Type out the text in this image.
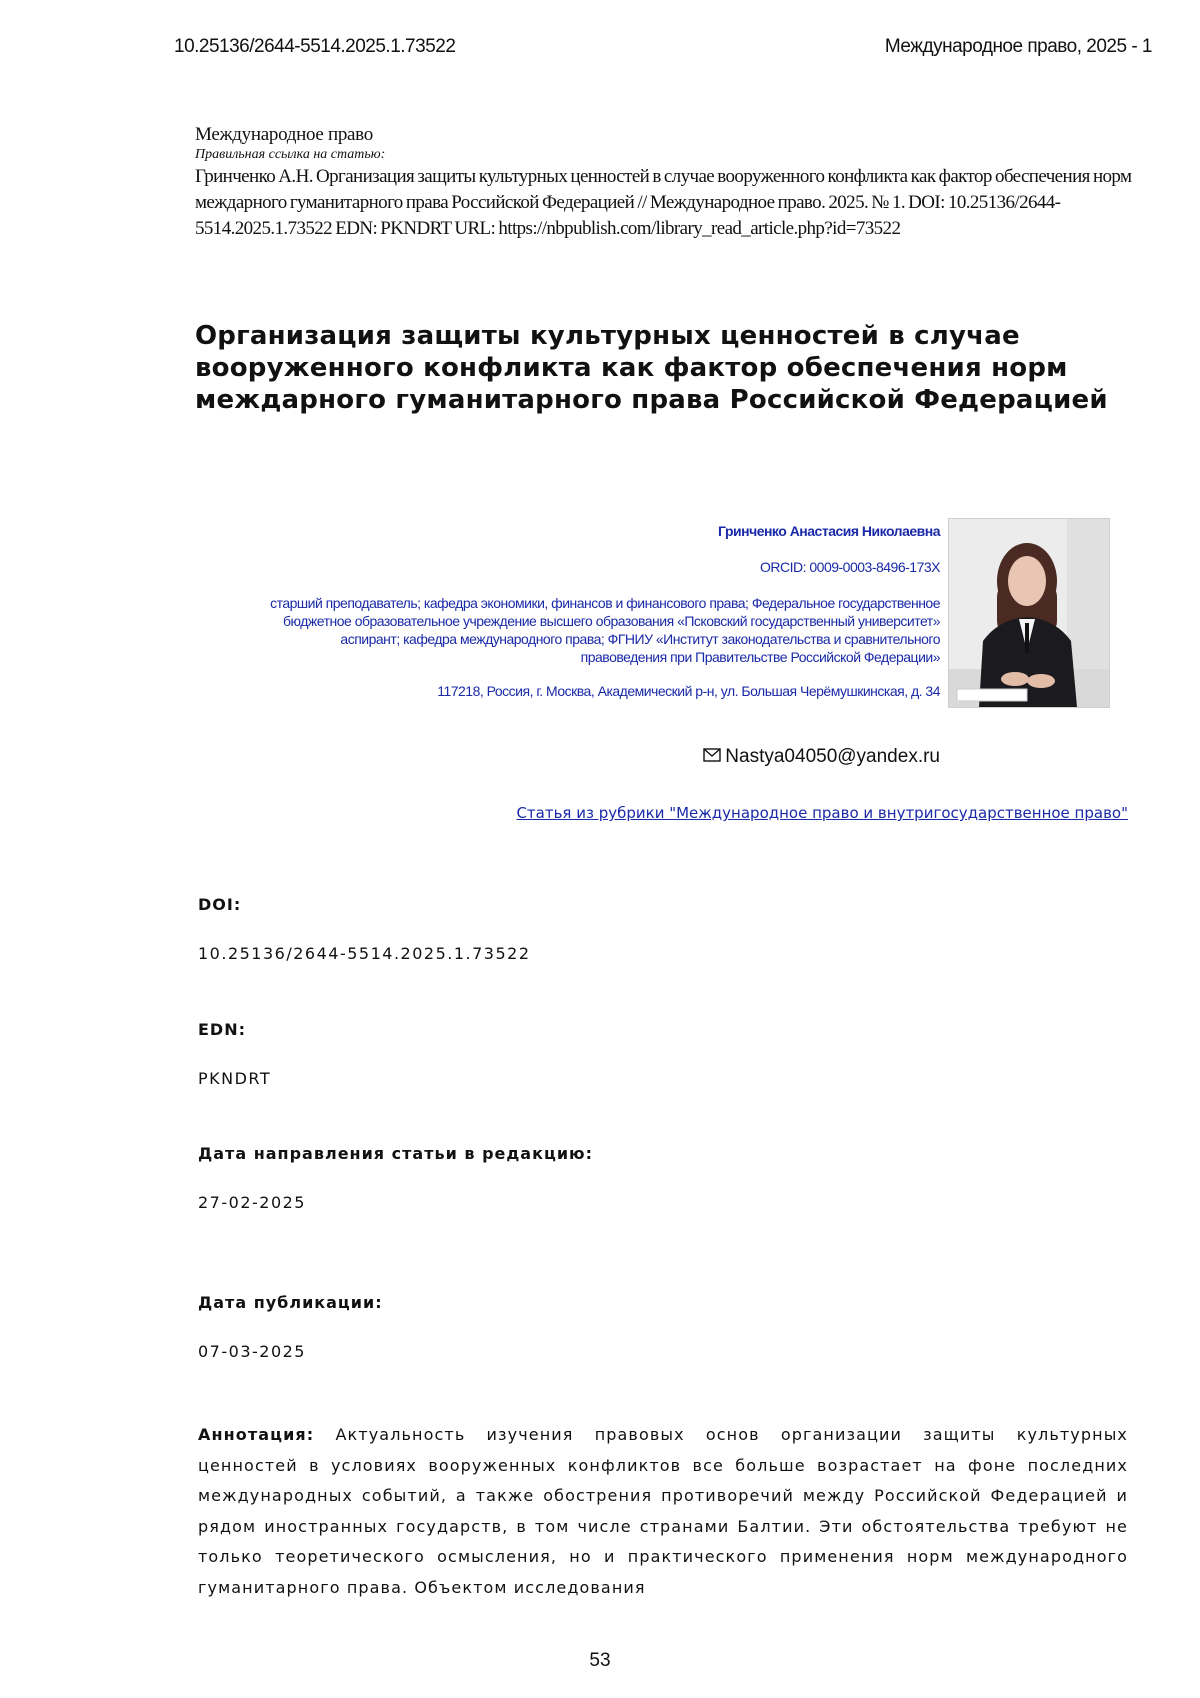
10.25136/2644-5514.2025.1.73522	Международное право, 2025 - 1
Международное право
Правильная ссылка на статью:
Гринченко А.Н. Организация защиты культурных ценностей в случае вооруженного конфликта как фактор обеспечения норм междарного гуманитарного права Российской Федерацией // Международное право. 2025. № 1. DOI: 10.25136/2644-5514.2025.1.73522 EDN: PKNDRT URL: https://nbpublish.com/library_read_article.php?id=73522
Организация защиты культурных ценностей в случае вооруженного конфликта как фактор обеспечения норм междарного гуманитарного права Российской Федерацией
Гринченко Анастасия Николаевна
ORCID: 0009-0003-8496-173X
старший преподаватель; кафедра экономики, финансов и финансового права; Федеральное государственное бюджетное образовательное учреждение высшего образования «Псковский государственный университет»
аспирант; кафедра международного права; ФГНИУ «Институт законодательства и сравнительного правоведения при Правительстве Российской Федерации»
117218, Россия, г. Москва, Академический р-н, ул. Большая Черёмушкинская, д. 34
Nastya04050@yandex.ru
Статья из рубрики "Международное право и внутригосударственное право"
DOI:
10.25136/2644-5514.2025.1.73522
EDN:
PKNDRT
Дата направления статьи в редакцию:
27-02-2025
Дата публикации:
07-03-2025
Аннотация: Актуальность изучения правовых основ организации защиты культурных ценностей в условиях вооруженных конфликтов все больше возрастает на фоне последних международных событий, а также обострения противоречий между Российской Федерацией и рядом иностранных государств, в том числе странами Балтии. Эти обстоятельства требуют не только теоретического осмысления, но и практического применения норм международного гуманитарного права. Объектом исследования
53
